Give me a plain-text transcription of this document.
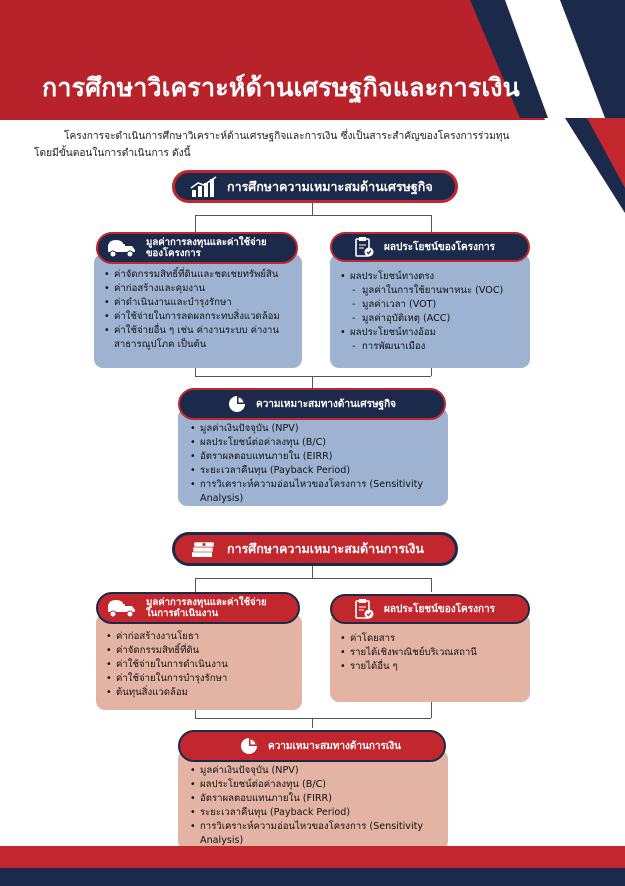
การศึกษาวิเคราะห์ด้านเศรษฐกิจและการเงิน
โครงการจะดำเนินการศึกษาวิเคราะห์ด้านเศรษฐกิจและการเงิน ซึ่งเป็นสาระสำคัญของโครงการร่วมทุน
โดยมีขั้นตอนในการดำเนินการ ดังนี้
การศึกษาความเหมาะสมด้านเศรษฐกิจ
• ค่าจัดกรรมสิทธิ์ที่ดินและชดเชยทรัพย์สิน
• ค่าก่อสร้างและคุมงาน
• ค่าดำเนินงานและบำรุงรักษา
• ค่าใช้จ่ายในการลดผลกระทบสิ่งแวดล้อม
• ค่าใช้จ่ายอื่น ๆ เช่น ค่างานระบบ ค่างาน
สาธารณูปโภค เป็นต้น
มูลค่าการลงทุนและค่าใช้จ่าย
ของโครงการ
• ผลประโยชน์ทางตรง
- มูลค่าในการใช้ยานพาหนะ (VOC)
- มูลค่าเวลา (VOT)
- มูลค่าอุบัติเหตุ (ACC)
• ผลประโยชน์ทางอ้อม
- การพัฒนาเมือง
ผลประโยชน์ของโครงการ
• มูลค่าเงินปัจจุบัน (NPV)
• ผลประโยชน์ต่อค่าลงทุน (B/C)
• อัตราผลตอบแทนภายใน (EIRR)
• ระยะเวลาคืนทุน (Payback Period)
• การวิเคราะห์ความอ่อนไหวของโครงการ (Sensitivity Analysis)
ความเหมาะสมทางด้านเศรษฐกิจ
การศึกษาความเหมาะสมด้านการเงิน
• ค่าก่อสร้างงานโยธา
• ค่าจัดกรรมสิทธิ์ที่ดิน
• ค่าใช้จ่ายในการดำเนินงาน
• ค่าใช้จ่ายในการบำรุงรักษา
• ต้นทุนสิ่งแวดล้อม
มูลค่าการลงทุนและค่าใช้จ่าย
ในการดำเนินงาน
• ค่าโดยสาร
• รายได้เชิงพาณิชย์บริเวณสถานี
• รายได้อื่น ๆ
ผลประโยชน์ของโครงการ
• มูลค่าเงินปัจจุบัน (NPV)
• ผลประโยชน์ต่อค่าลงทุน (B/C)
• อัตราผลตอบแทนภายใน (FIRR)
• ระยะเวลาคืนทุน (Payback Period)
• การวิเคราะห์ความอ่อนไหวของโครงการ (Sensitivity Analysis)
ความเหมาะสมทางด้านการเงิน
